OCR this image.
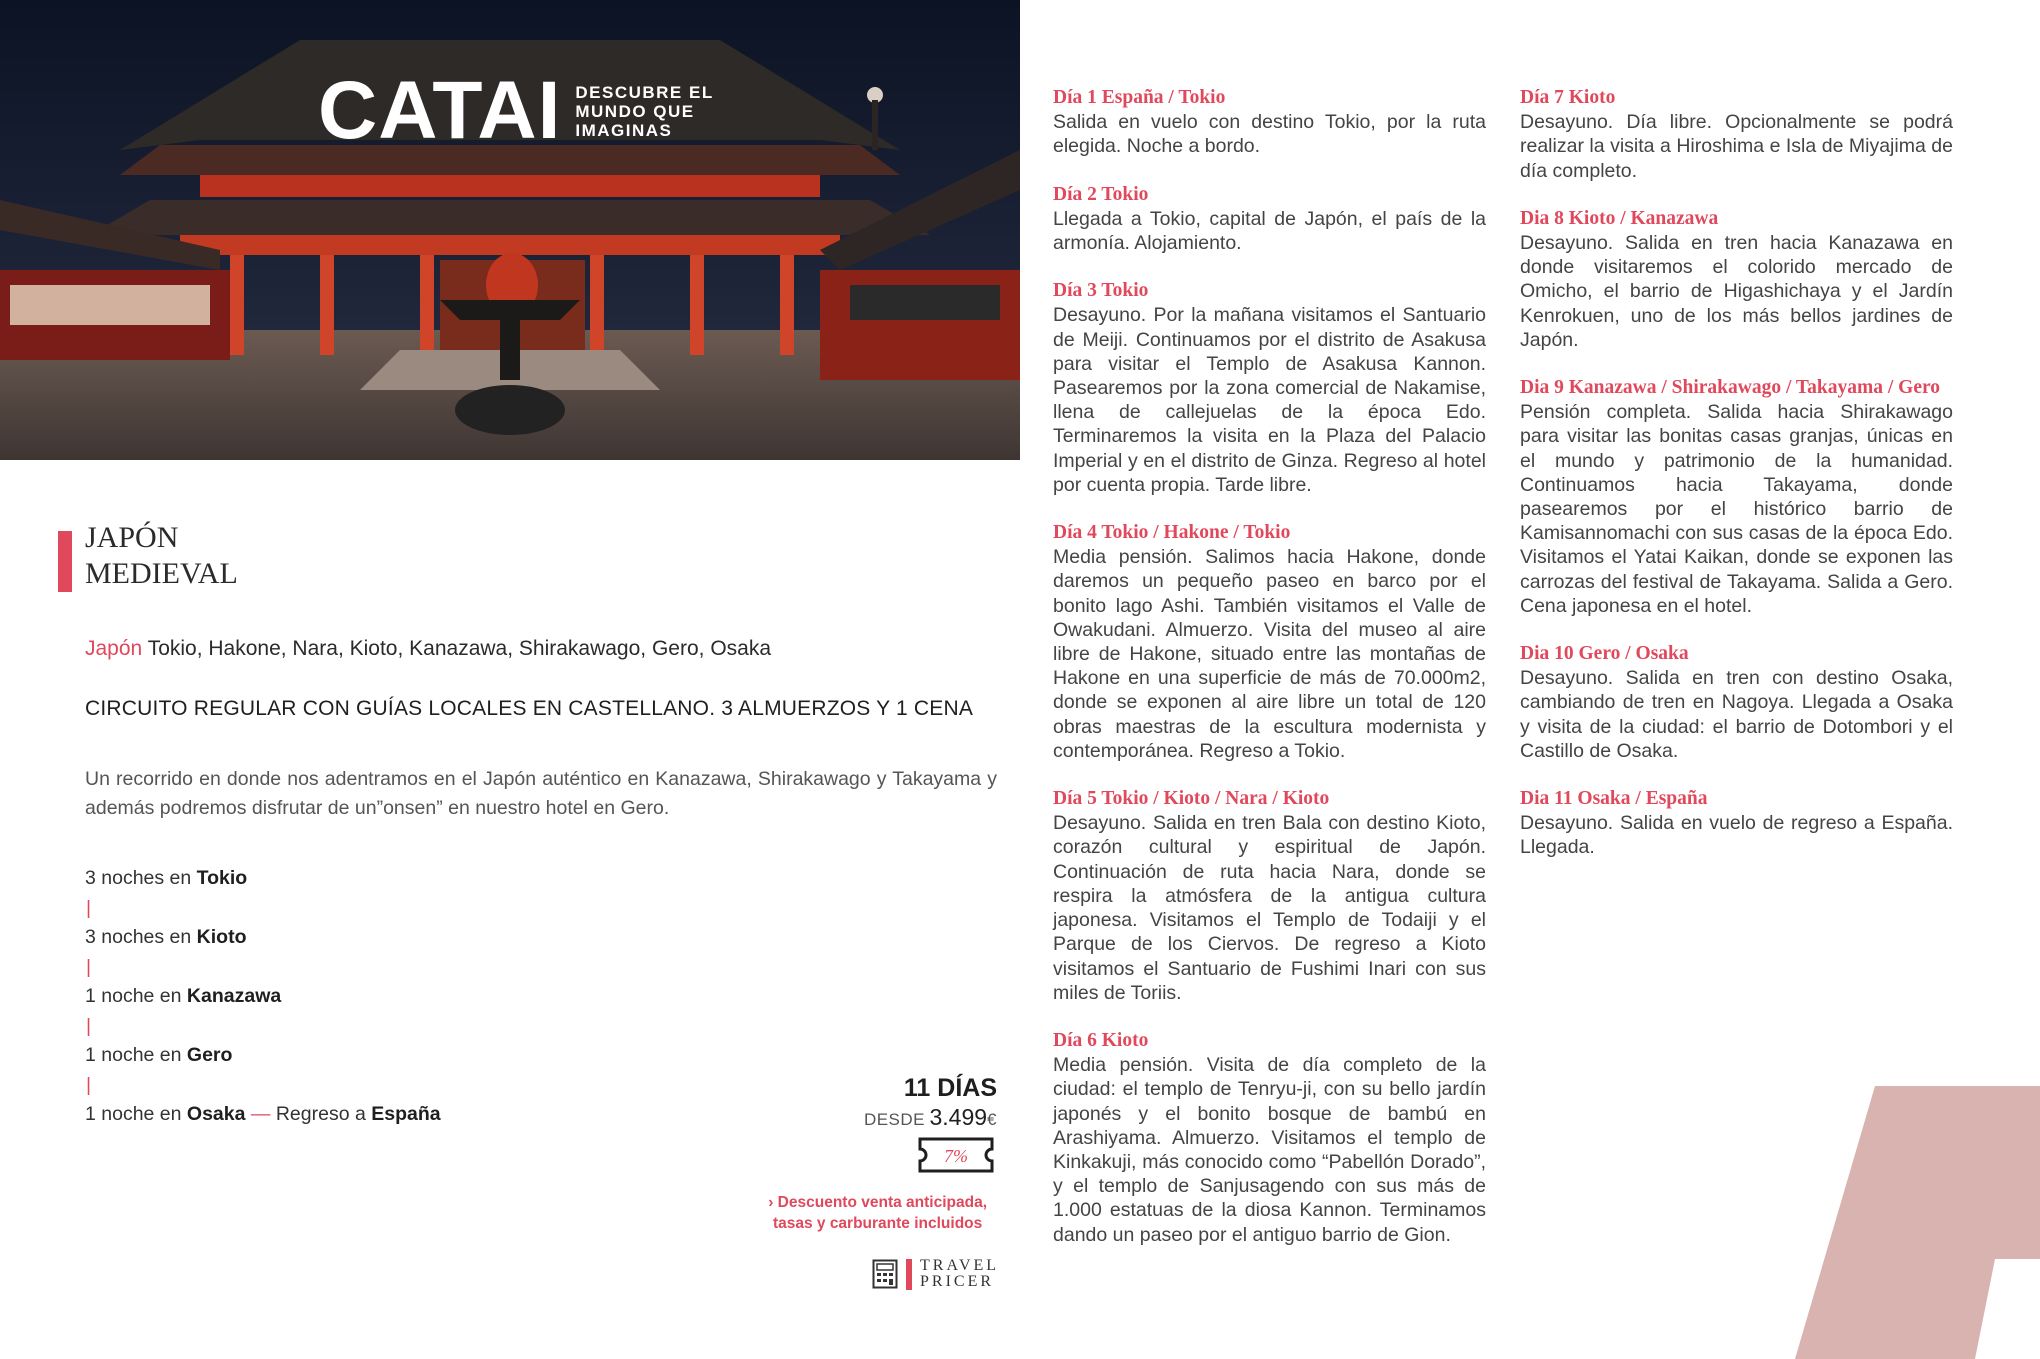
CATAI DESCUBRE EL
MUNDO QUE
IMAGINAS
JAPÓN
MEDIEVAL
Japón Tokio, Hakone, Nara, Kioto, Kanazawa, Shirakawago, Gero, Osaka
CIRCUITO REGULAR CON GUÍAS LOCALES EN CASTELLANO. 3 ALMUERZOS Y 1 CENA
Un recorrido en donde nos adentramos en el Japón auténtico en Kanazawa, Shirakawago y Takayama y además podremos disfrutar de un”onsen” en nuestro hotel en Gero.
3 noches en Tokio
|
3 noches en Kioto
|
1 noche en Kanazawa
|
1 noche en Gero
|
1 noche en Osaka — Regreso a España
11 DÍAS
DESDE 3.499€
7%
› Descuento venta anticipada,
tasas y carburante incluidos
TRAVEL
PRICER
Día 1 España / Tokio

Salida en vuelo con destino Tokio, por la ruta elegida. Noche a bordo.

Día 2 Tokio

Llegada a Tokio, capital de Japón, el país de la armonía. Alojamiento.

Día 3 Tokio

Desayuno. Por la mañana visitamos el Santuario de Meiji. Continuamos por el distrito de Asakusa para visitar el Templo de Asakusa Kannon. Pasearemos por la zona comercial de Nakamise, llena de callejuelas de la época Edo. Terminaremos la visita en la Plaza del Palacio Imperial y en el distrito de Ginza. Regreso al hotel por cuenta propia. Tarde libre.

Día 4 Tokio / Hakone / Tokio

Media pensión. Salimos hacia Hakone, donde daremos un pequeño paseo en barco por el bonito lago Ashi. También visitamos el Valle de Owakudani. Almuerzo. Visita del museo al aire libre de Hakone, situado entre las montañas de Hakone en una superficie de más de 70.000m2, donde se exponen al aire libre un total de 120 obras maestras de la escultura modernista y contemporánea. Regreso a Tokio.

Día 5 Tokio / Kioto / Nara / Kioto

Desayuno. Salida en tren Bala con destino Kioto, corazón cultural y espiritual de Japón. Continuación de ruta hacia Nara, donde se respira la atmósfera de la antigua cultura japonesa. Visitamos el Templo de Todaiji y el Parque de los Ciervos. De regreso a Kioto visitamos el Santuario de Fushimi Inari con sus miles de Toriis.

Día 6 Kioto

Media pensión. Visita de día completo de la ciudad: el templo de Tenryu-ji, con su bello jardín japonés y el bonito bosque de bambú en Arashiyama. Almuerzo. Visitamos el templo de Kinkakuji, más conocido como “Pabellón Dorado”, y el templo de Sanjusagendo con sus más de 1.000 estatuas de la diosa Kannon. Terminamos dando un paseo por el antiguo barrio de Gion.

Día 7 Kioto

Desayuno. Día libre. Opcionalmente se podrá realizar la visita a Hiroshima e Isla de Miyajima de día completo.

Dia 8 Kioto / Kanazawa

Desayuno. Salida en tren hacia Kanazawa en donde visitaremos el colorido mercado de Omicho, el barrio de Higashichaya y el Jardín Kenrokuen, uno de los más bellos jardines de Japón.

Dia 9 Kanazawa / Shirakawago / Takayama / Gero

Pensión completa. Salida hacia Shirakawago para visitar las bonitas casas granjas, únicas en el mundo y patrimonio de la humanidad. Continuamos hacia Takayama, donde pasearemos por el histórico barrio de Kamisannomachi con sus casas de la época Edo. Visitamos el Yatai Kaikan, donde se exponen las carrozas del festival de Takayama. Salida a Gero. Cena japonesa en el hotel.

Dia 10 Gero / Osaka

Desayuno. Salida en tren con destino Osaka, cambiando de tren en Nagoya. Llegada a Osaka y visita de la ciudad: el barrio de Dotombori y el Castillo de Osaka.

Dia 11 Osaka / España

Desayuno. Salida en vuelo de regreso a España. Llegada.
